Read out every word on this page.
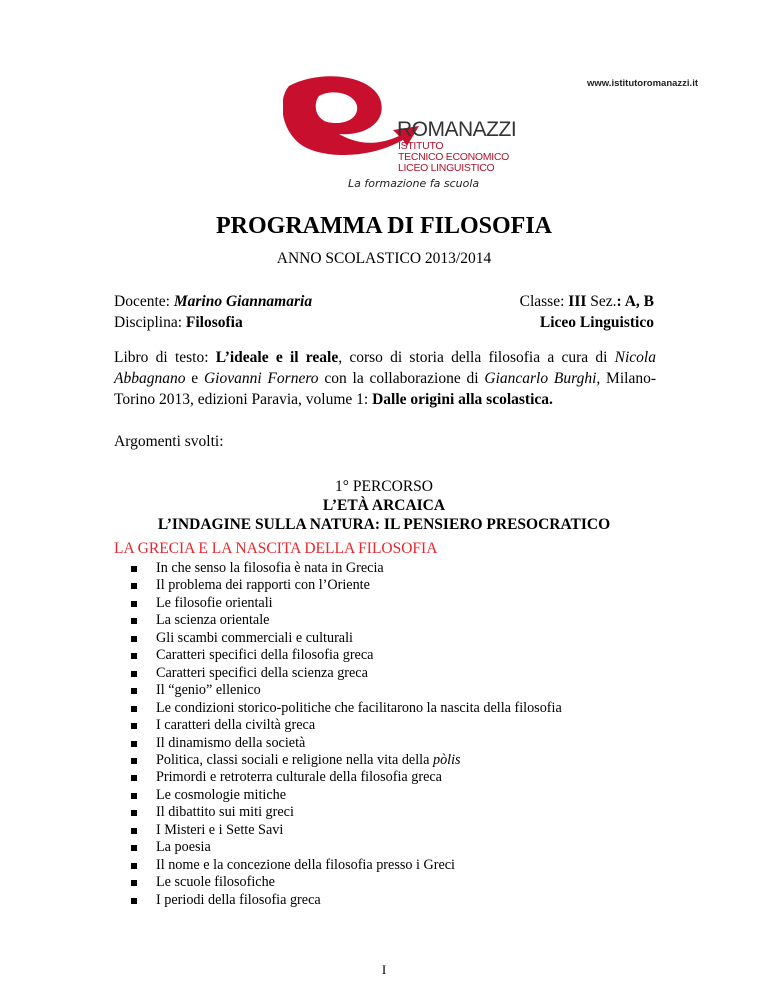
www.istitutoromanazzi.it
ROMANAZZI
ISTITUTO
TECNICO ECONOMICO
LICEO LINGUISTICO
La formazione fa scuola
PROGRAMMA DI FILOSOFIA
ANNO SCOLASTICO 2013/2014
Docente: Marino Giannamaria
Disciplina: Filosofia
Classe: III Sez.: A, B
Liceo Linguistico
Libro di testo: L’ideale e il reale, corso di storia della filosofia a cura di Nicola Abbagnano e Giovanni Fornero con la collaborazione di Giancarlo Burghi, Milano-Torino 2013, edizioni Paravia, volume 1: Dalle origini alla scolastica.
Argomenti svolti:
1° PERCORSO
L’ETÀ ARCAICA
L’INDAGINE SULLA NATURA: IL PENSIERO PRESOCRATICO
LA GRECIA E LA NASCITA DELLA FILOSOFIA
In che senso la filosofia è nata in Grecia
Il problema dei rapporti con l’Oriente
Le filosofie orientali
La scienza orientale
Gli scambi commerciali e culturali
Caratteri specifici della filosofia greca
Caratteri specifici della scienza greca
Il “genio” ellenico
Le condizioni storico-politiche che facilitarono la nascita della filosofia
I caratteri della civiltà greca
Il dinamismo della società
Politica, classi sociali e religione nella vita della pòlis
Primordi e retroterra culturale della filosofia greca
Le cosmologie mitiche
Il dibattito sui miti greci
I Misteri e i Sette Savi
La poesia
Il nome e la concezione della filosofia presso i Greci
Le scuole filosofiche
I periodi della filosofia greca
I
